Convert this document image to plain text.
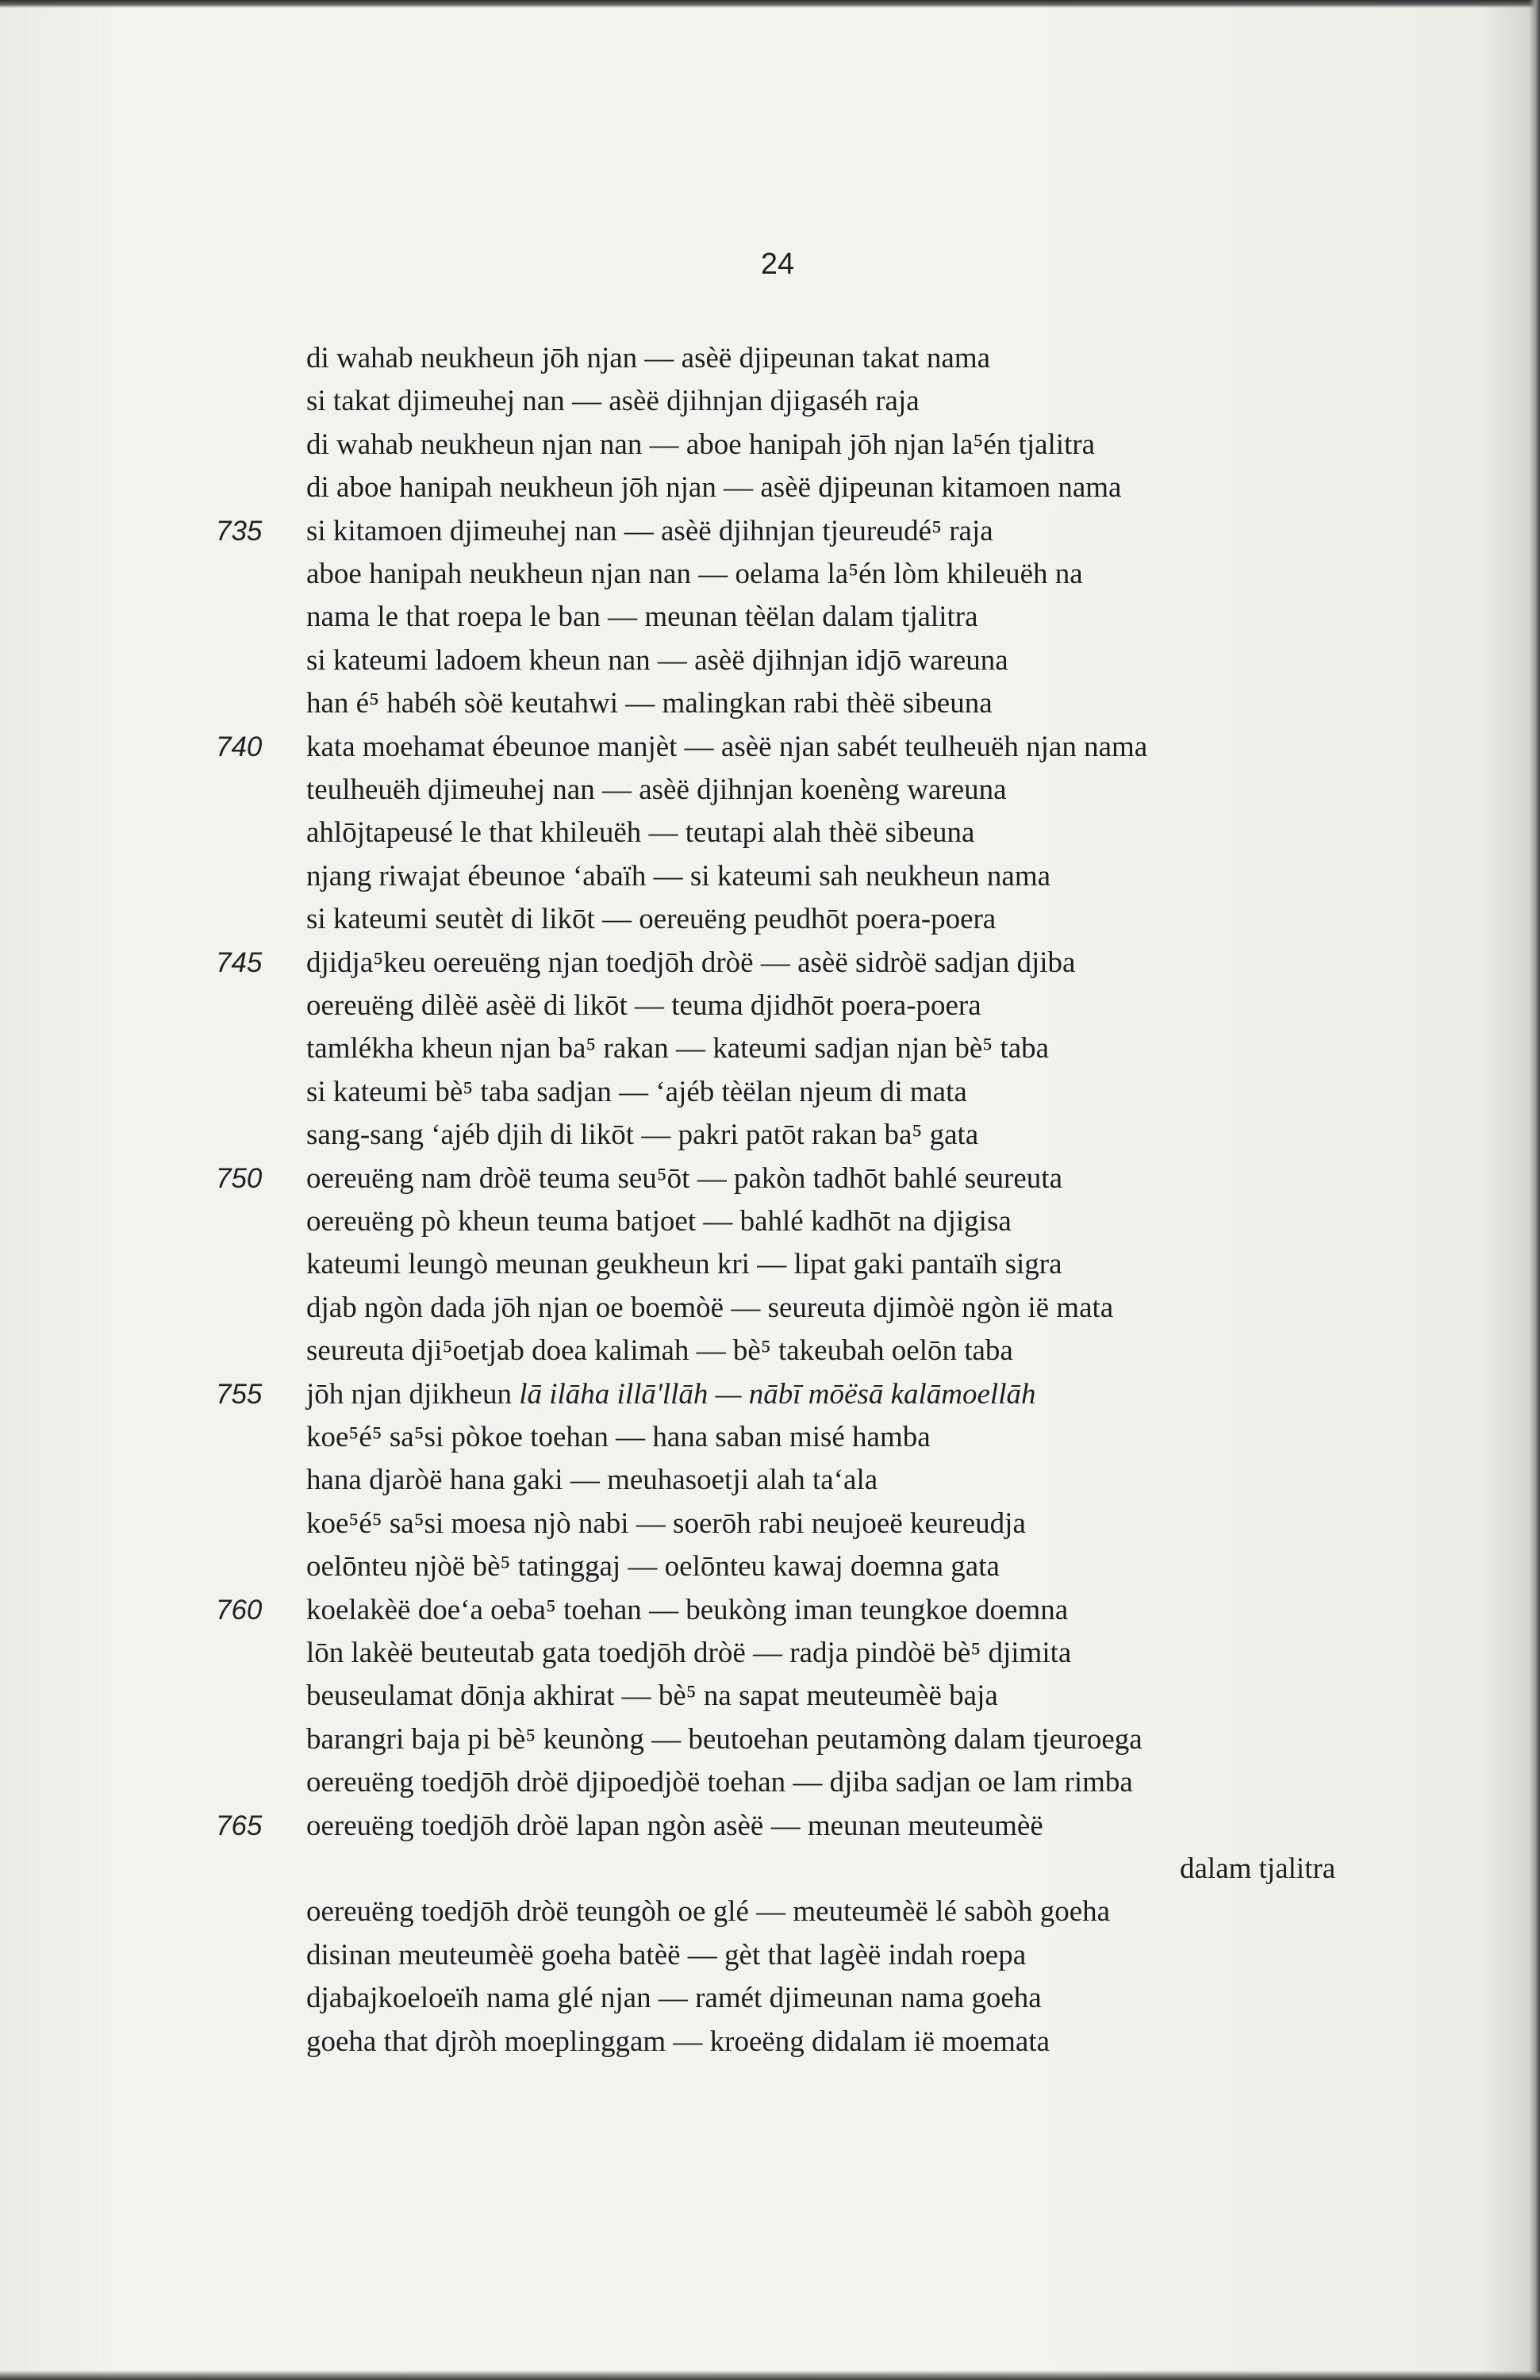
24
di wahab neukheun jōh njan — asèë djipeunan takat nama
si takat djimeuhej nan — asèë djihnjan djigaséh raja
di wahab neukheun njan nan — aboe hanipah jōh njan la⁵én tjalitra
di aboe hanipah neukheun jōh njan — asèë djipeunan kitamoen nama
735	si kitamoen djimeuhej nan — asèë djihnjan tjeureudé⁵ raja
aboe hanipah neukheun njan nan — oelama la⁵én lòm khileuëh na
nama le that roepa le ban — meunan tèëlan dalam tjalitra
si kateumi ladoem kheun nan — asèë djihnjan idjō wareuna
han é⁵ habéh sòë keutahwi — malingkan rabi thèë sibeuna
740	kata moehamat ébeunoe manjèt — asèë njan sabét teulheuëh njan nama
teulheuëh djimeuhej nan — asèë djihnjan koenèng wareuna
ahlōjtapeusé le that khileuëh — teutapi alah thèë sibeuna
njang riwajat ébeunoe ‘abaïh — si kateumi sah neukheun nama
si kateumi seutèt di likōt — oereuëng peudhōt poera-poera
745	djidja⁵keu oereuëng njan toedjōh dròë — asèë sidròë sadjan djiba
oereuëng dilèë asèë di likōt — teuma djidhōt poera-poera
tamlékha kheun njan ba⁵ rakan — kateumi sadjan njan bè⁵ taba
si kateumi bè⁵ taba sadjan — ‘ajéb tèëlan njeum di mata
sang-sang ‘ajéb djih di likōt — pakri patōt rakan ba⁵ gata
750	oereuëng nam dròë teuma seu⁵ōt — pakòn tadhōt bahlé seureuta
oereuëng pò kheun teuma batjoet — bahlé kadhōt na djigisa
kateumi leungò meunan geukheun kri — lipat gaki pantaïh sigra
djab ngòn dada jōh njan oe boemòë — seureuta djimòë ngòn ië mata
seureuta dji⁵oetjab doea kalimah — bè⁵ takeubah oelōn taba
755	jōh njan djikheun lā ilāha illā'llāh — nābī mōësā kalāmoellāh
koe⁵é⁵ sa⁵si pòkoe toehan — hana saban misé hamba
hana djaròë hana gaki — meuhasoetji alah ta‘ala
koe⁵é⁵ sa⁵si moesa njò nabi — soerōh rabi neujoeë keureudja
oelōnteu njòë bè⁵ tatinggaj — oelōnteu kawaj doemna gata
760	koelakèë doe‘a oeba⁵ toehan — beukòng iman teungkoe doemna
lōn lakèë beuteutab gata toedjōh dròë — radja pindòë bè⁵ djimita
beuseulamat dōnja akhirat — bè⁵ na sapat meuteumèë baja
barangri baja pi bè⁵ keunòng — beutoehan peutamòng dalam tjeuroega
oereuëng toedjōh dròë djipoedjòë toehan — djiba sadjan oe lam rimba
765	oereuëng toedjōh dròë lapan ngòn asèë — meunan meuteumèë
dalam tjalitra
oereuëng toedjōh dròë teungòh oe glé — meuteumèë lé sabòh goeha
disinan meuteumèë goeha batèë — gèt that lagèë indah roepa
djabajkoeloeïh nama glé njan — ramét djimeunan nama goeha
goeha that djròh moeplinggam — kroeëng didalam ië moemata
